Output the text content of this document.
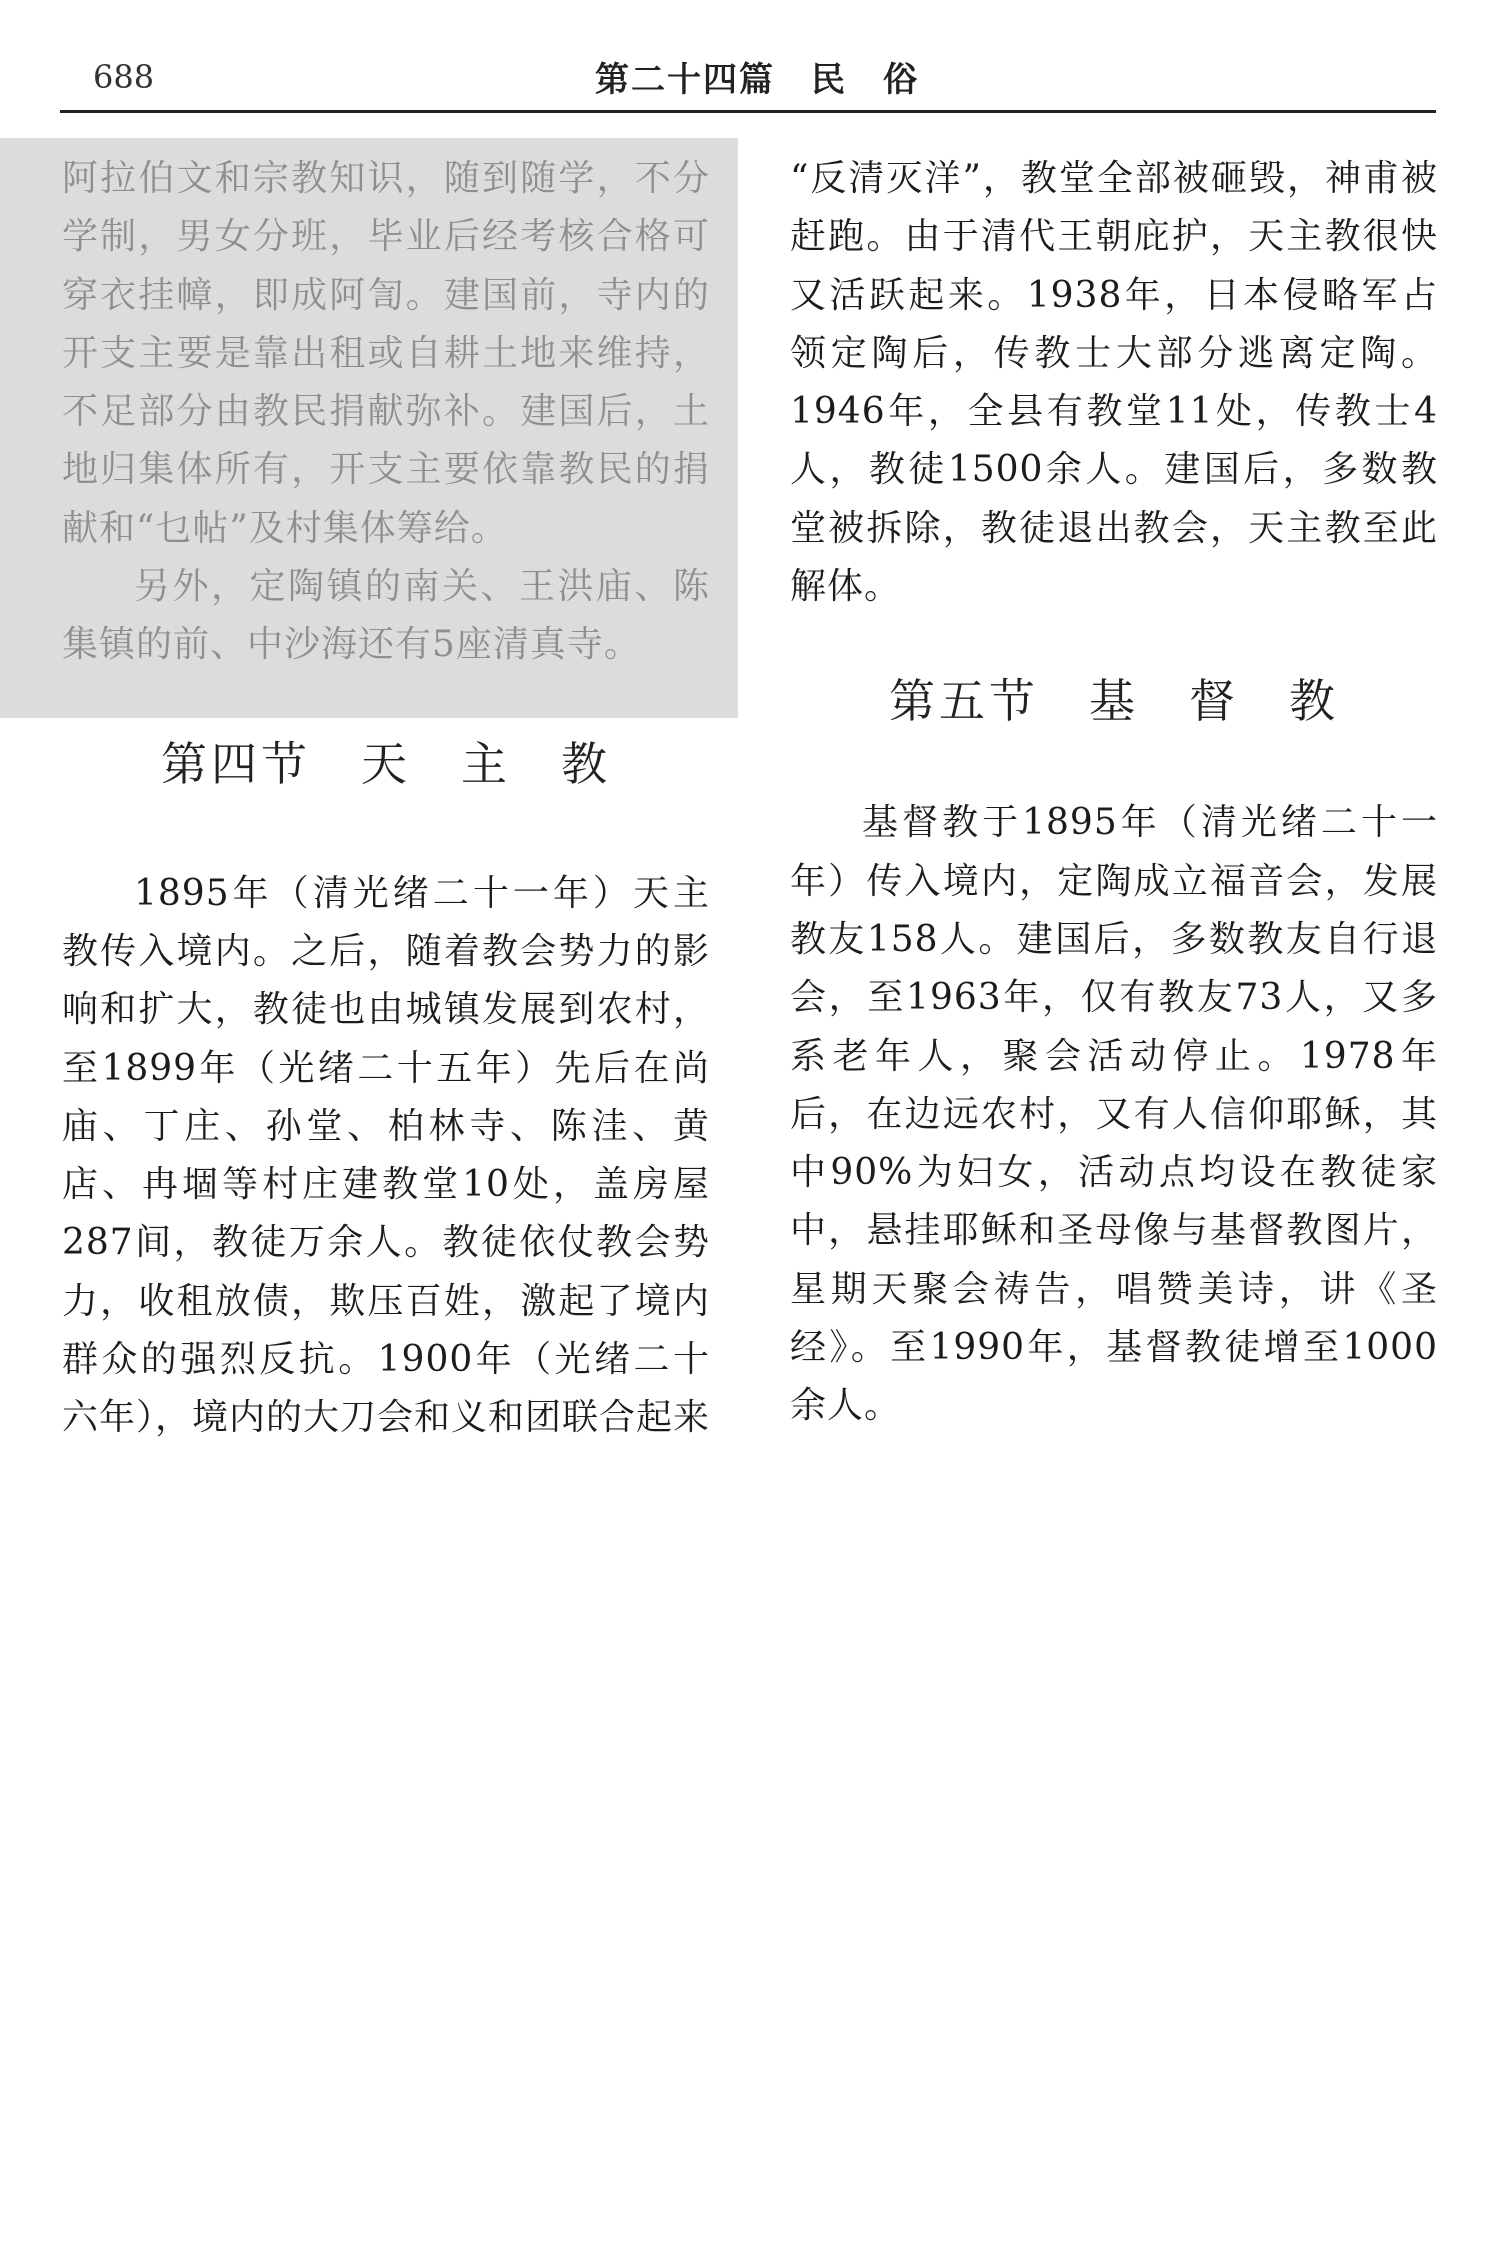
688	第二十四篇　民　俗

阿拉伯文和宗教知识，随到随学，不分学制，男女分班，毕业后经考核合格可穿衣挂幛，即成阿訇。建国前，寺内的开支主要是靠出租或自耕土地来维持，不足部分由教民捐献弥补。建国后，土地归集体所有，开支主要依靠教民的捐献和“乜帖”及村集体筹给。

另外，定陶镇的南关、王洪庙、陈集镇的前、中沙海还有5座清真寺。

第四节　天　主　教

1895年（清光绪二十一年）天主教传入境内。之后，随着教会势力的影响和扩大，教徒也由城镇发展到农村，至1899年（光绪二十五年）先后在尚庙、丁庄、孙堂、柏林寺、陈洼、黄店、冉堌等村庄建教堂10处，盖房屋287间，教徒万余人。教徒依仗教会势力，收租放债，欺压百姓，激起了境内群众的强烈反抗。1900年（光绪二十六年），境内的大刀会和义和团联合起来

“反清灭洋”，教堂全部被砸毁，神甫被赶跑。由于清代王朝庇护，天主教很快又活跃起来。1938年，日本侵略军占领定陶后，传教士大部分逃离定陶。1946年，全县有教堂11处，传教士4人，教徒1500余人。建国后，多数教堂被拆除，教徒退出教会，天主教至此解体。

第五节　基　督　教

基督教于1895年（清光绪二十一年）传入境内，定陶成立福音会，发展教友158人。建国后，多数教友自行退会，至1963年，仅有教友73人，又多系老年人，聚会活动停止。1978年后，在边远农村，又有人信仰耶稣，其中90%为妇女，活动点均设在教徒家中，悬挂耶稣和圣母像与基督教图片，星期天聚会祷告，唱赞美诗，讲《圣经》。至1990年，基督教徒增至1000余人。
